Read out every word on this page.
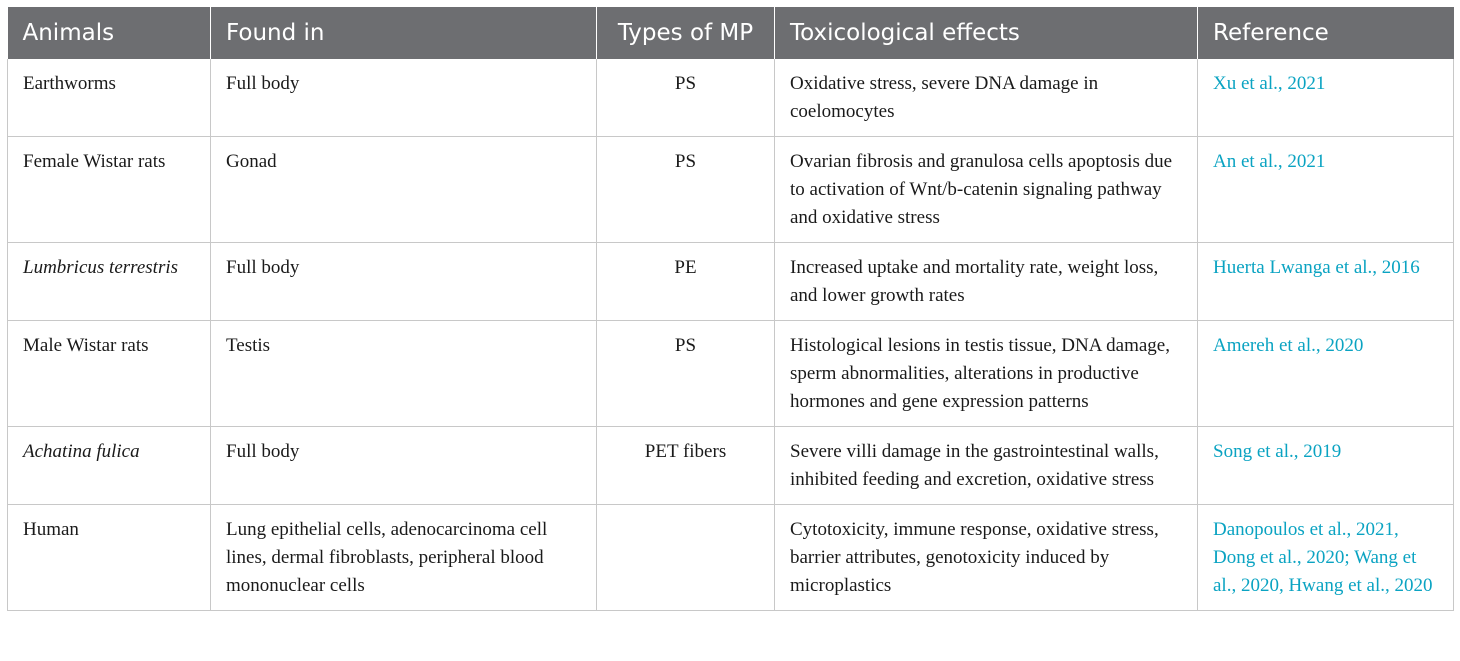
Animals	Found in	Types of MP	Toxicological effects	Reference
Earthworms	Full body	PS	Oxidative stress, severe DNA damage in coelomocytes	Xu et al., 2021
Female Wistar rats	Gonad	PS	Ovarian fibrosis and granulosa cells apoptosis due to activation of Wnt/b-catenin signaling pathway and oxidative stress	An et al., 2021
Lumbricus terrestris	Full body	PE	Increased uptake and mortality rate, weight loss, and lower growth rates	Huerta Lwanga et al., 2016
Male Wistar rats	Testis	PS	Histological lesions in testis tissue, DNA damage, sperm abnormalities, alterations in productive hormones and gene expression patterns	Amereh et al., 2020
Achatina fulica	Full body	PET fibers	Severe villi damage in the gastrointestinal walls, inhibited feeding and excretion, oxidative stress	Song et al., 2019
Human	Lung epithelial cells, adenocarcinoma cell lines, dermal fibroblasts, peripheral blood mononuclear cells		Cytotoxicity, immune response, oxidative stress, barrier attributes, genotoxicity induced by microplastics	Danopoulos et al., 2021, Dong et al., 2020; Wang et al., 2020, Hwang et al., 2020
